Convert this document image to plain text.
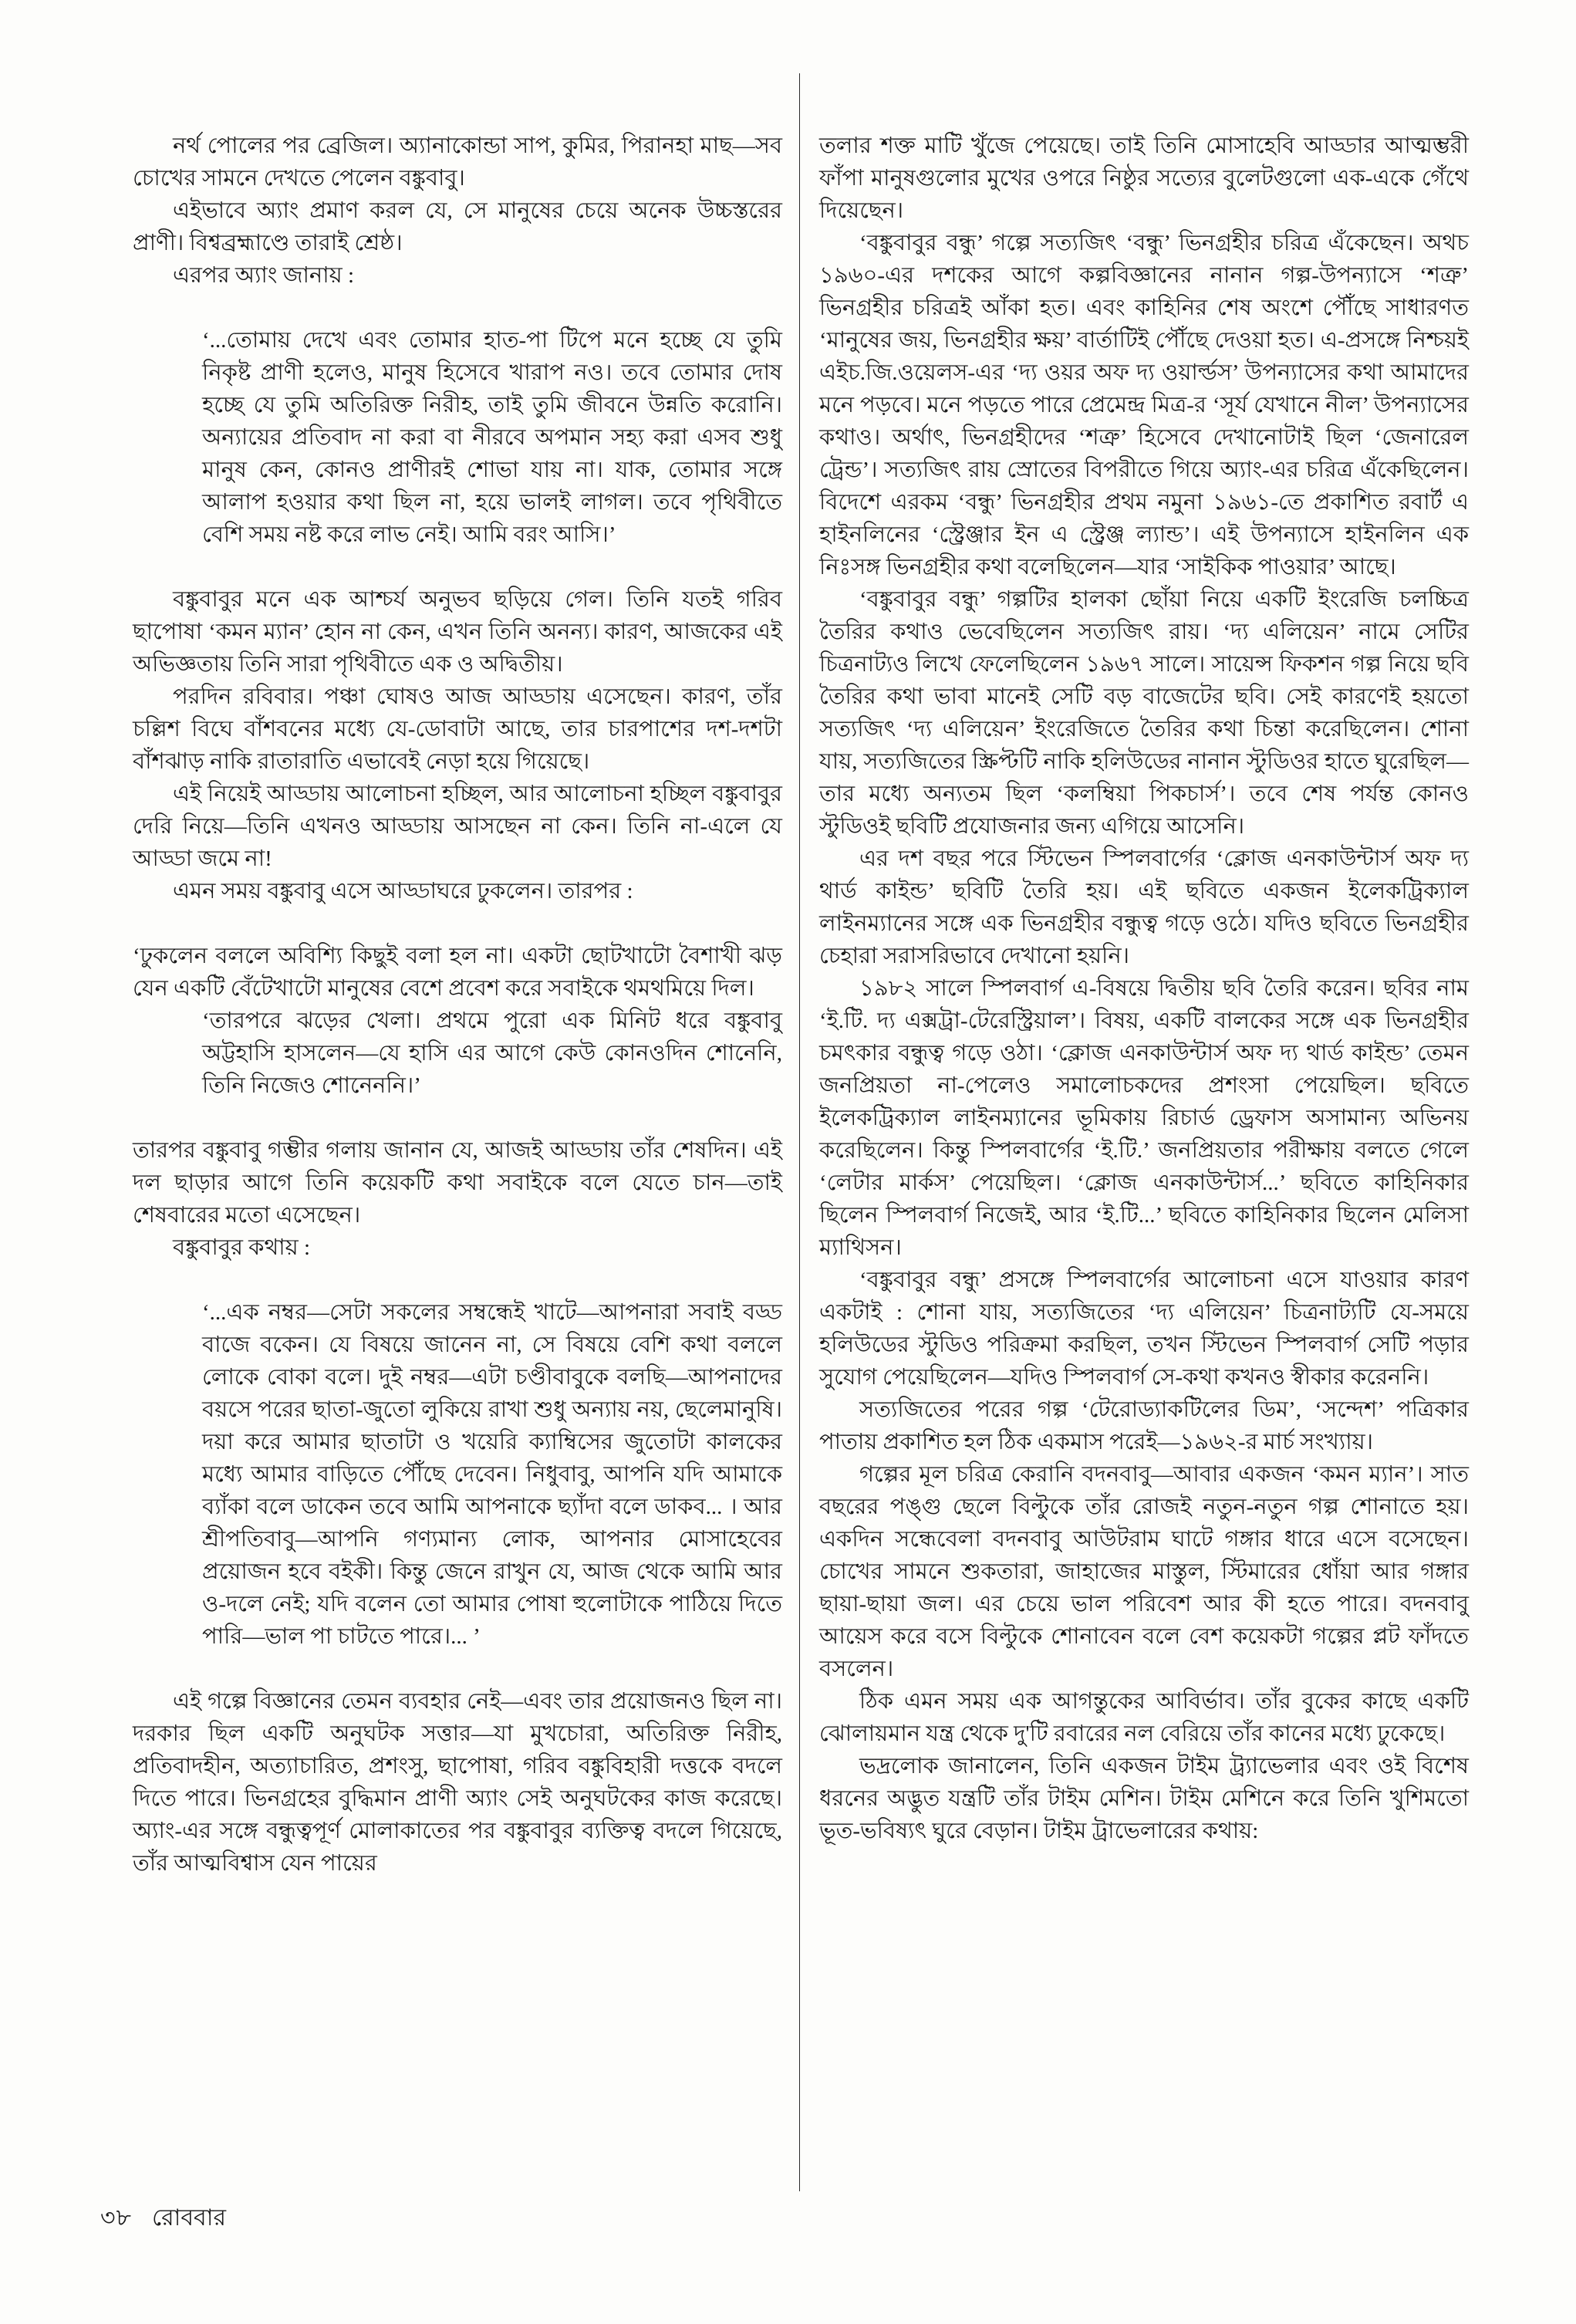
নর্থ পোলের পর ব্রেজিল। অ্যানাকোন্ডা সাপ, কুমির, পিরানহা মাছ—সব চোখের সামনে দেখতে পেলেন বঙ্কুবাবু।

এইভাবে অ্যাং প্রমাণ করল যে, সে মানুষের চেয়ে অনেক উচ্চস্তরের প্রাণী। বিশ্বব্রহ্মাণ্ডে তারাই শ্রেষ্ঠ।

এরপর অ্যাং জানায় :

‘...তোমায় দেখে এবং তোমার হাত-পা টিপে মনে হচ্ছে যে তুমি নিকৃষ্ট প্রাণী হলেও, মানুষ হিসেবে খারাপ নও। তবে তোমার দোষ হচ্ছে যে তুমি অতিরিক্ত নিরীহ, তাই তুমি জীবনে উন্নতি করোনি। অন্যায়ের প্রতিবাদ না করা বা নীরবে অপমান সহ্য করা এসব শুধু মানুষ কেন, কোনও প্রাণীরই শোভা যায় না। যাক, তোমার সঙ্গে আলাপ হওয়ার কথা ছিল না, হয়ে ভালই লাগল। তবে পৃথিবীতে বেশি সময় নষ্ট করে লাভ নেই। আমি বরং আসি।’

বঙ্কুবাবুর মনে এক আশ্চর্য অনুভব ছড়িয়ে গেল। তিনি যতই গরিব ছাপোষা ‘কমন ম্যান’ হোন না কেন, এখন তিনি অনন্য। কারণ, আজকের এই অভিজ্ঞতায় তিনি সারা পৃথিবীতে এক ও অদ্বিতীয়।

পরদিন রবিবার। পঞ্চা ঘোষও আজ আড্ডায় এসেছেন। কারণ, তাঁর চল্লিশ বিঘে বাঁশবনের মধ্যে যে-ডোবাটা আছে, তার চারপাশের দশ-দশটা বাঁশঝাড় নাকি রাতারাতি এভাবেই নেড়া হয়ে গিয়েছে।

এই নিয়েই আড্ডায় আলোচনা হচ্ছিল, আর আলোচনা হচ্ছিল বঙ্কুবাবুর দেরি নিয়ে—তিনি এখনও আড্ডায় আসছেন না কেন। তিনি না-এলে যে আড্ডা জমে না!

এমন সময় বঙ্কুবাবু এসে আড্ডাঘরে ঢুকলেন। তারপর :

‘ঢুকলেন বললে অবিশ্যি কিছুই বলা হল না। একটা ছোটখাটো বৈশাখী ঝড় যেন একটি বেঁটেখাটো মানুষের বেশে প্রবেশ করে সবাইকে থমথমিয়ে দিল।

‘তারপরে ঝড়ের খেলা। প্রথমে পুরো এক মিনিট ধরে বঙ্কুবাবু অট্টহাসি হাসলেন—যে হাসি এর আগে কেউ কোনওদিন শোনেনি, তিনি নিজেও শোনেননি।’

তারপর বঙ্কুবাবু গম্ভীর গলায় জানান যে, আজই আড্ডায় তাঁর শেষদিন। এই দল ছাড়ার আগে তিনি কয়েকটি কথা সবাইকে বলে যেতে চান—তাই শেষবারের মতো এসেছেন।

বঙ্কুবাবুর কথায় :

‘...এক নম্বর—সেটা সকলের সম্বন্ধেই খাটে—আপনারা সবাই বড্ড বাজে বকেন। যে বিষয়ে জানেন না, সে বিষয়ে বেশি কথা বললে লোকে বোকা বলে। দুই নম্বর—এটা চণ্ডীবাবুকে বলছি—আপনাদের বয়সে পরের ছাতা-জুতো লুকিয়ে রাখা শুধু অন্যায় নয়, ছেলেমানুষি। দয়া করে আমার ছাতাটা ও খয়েরি ক্যাম্বিসের জুতোটা কালকের মধ্যে আমার বাড়িতে পৌঁছে দেবেন। নিধুবাবু, আপনি যদি আমাকে ব্যাঁকা বলে ডাকেন তবে আমি আপনাকে ছ্যাঁদা বলে ডাকব... । আর শ্রীপতিবাবু—আপনি গণ্যমান্য লোক, আপনার মোসাহেবের প্রয়োজন হবে বইকী। কিন্তু জেনে রাখুন যে, আজ থেকে আমি আর ও-দলে নেই; যদি বলেন তো আমার পোষা হুলোটাকে পাঠিয়ে দিতে পারি—ভাল পা চাটতে পারে।... ’

এই গল্পে বিজ্ঞানের তেমন ব্যবহার নেই—এবং তার প্রয়োজনও ছিল না। দরকার ছিল একটি অনুঘটক সত্তার—যা মুখচোরা, অতিরিক্ত নিরীহ, প্রতিবাদহীন, অত্যাচারিত, প্রশংসু, ছাপোষা, গরিব বঙ্কুবিহারী দত্তকে বদলে দিতে পারে। ভিনগ্রহের বুদ্ধিমান প্রাণী অ্যাং সেই অনুঘটকের কাজ করেছে। অ্যাং-এর সঙ্গে বন্ধুত্বপূর্ণ মোলাকাতের পর বঙ্কুবাবুর ব্যক্তিত্ব বদলে গিয়েছে, তাঁর আত্মবিশ্বাস যেন পায়ের

তলার শক্ত মাটি খুঁজে পেয়েছে। তাই তিনি মোসাহেবি আড্ডার আত্মম্ভরী ফাঁপা মানুষগুলোর মুখের ওপরে নিষ্ঠুর সত্যের বুলেটগুলো এক-একে গেঁথে দিয়েছেন।

‘বঙ্কুবাবুর বন্ধু’ গল্পে সত্যজিৎ ‘বন্ধু’ ভিনগ্রহীর চরিত্র এঁকেছেন। অথচ ১৯৬০-এর দশকের আগে কল্পবিজ্ঞানের নানান গল্প-উপন্যাসে ‘শত্রু’ ভিনগ্রহীর চরিত্রই আঁকা হত। এবং কাহিনির শেষ অংশে পৌঁছে সাধারণত ‘মানুষের জয়, ভিনগ্রহীর ক্ষয়’ বার্তাটিই পৌঁছে দেওয়া হত। এ-প্রসঙ্গে নিশ্চয়ই এইচ.জি.ওয়েলস-এর ‘দ্য ওয়র অফ দ্য ওয়ার্ল্ডস’ উপন্যাসের কথা আমাদের মনে পড়বে। মনে পড়তে পারে প্রেমেন্দ্র মিত্র-র ‘সূর্য যেখানে নীল’ উপন্যাসের কথাও। অর্থাৎ, ভিনগ্রহীদের ‘শত্রু’ হিসেবে দেখানোটাই ছিল ‘জেনারেল ট্রেন্ড’। সত্যজিৎ রায় স্রোতের বিপরীতে গিয়ে অ্যাং-এর চরিত্র এঁকেছিলেন। বিদেশে এরকম ‘বন্ধু’ ভিনগ্রহীর প্রথম নমুনা ১৯৬১-তে প্রকাশিত রবার্ট এ হাইনলিনের ‘স্ট্রেঞ্জার ইন এ স্ট্রেঞ্জ ল্যান্ড’। এই উপন্যাসে হাইনলিন এক নিঃসঙ্গ ভিনগ্রহীর কথা বলেছিলেন—যার ‘সাইকিক পাওয়ার’ আছে।

‘বঙ্কুবাবুর বন্ধু’ গল্পটির হালকা ছোঁয়া নিয়ে একটি ইংরেজি চলচ্চিত্র তৈরির কথাও ভেবেছিলেন সত্যজিৎ রায়। ‘দ্য এলিয়েন’ নামে সেটির চিত্রনাট্যও লিখে ফেলেছিলেন ১৯৬৭ সালে। সায়েন্স ফিকশন গল্প নিয়ে ছবি তৈরির কথা ভাবা মানেই সেটি বড় বাজেটের ছবি। সেই কারণেই হয়তো সত্যজিৎ ‘দ্য এলিয়েন’ ইংরেজিতে তৈরির কথা চিন্তা করেছিলেন। শোনা যায়, সত্যজিতের স্ক্রিপ্টটি নাকি হলিউডের নানান স্টুডিওর হাতে ঘুরেছিল—তার মধ্যে অন্যতম ছিল ‘কলম্বিয়া পিকচার্স’। তবে শেষ পর্যন্ত কোনও স্টুডিওই ছবিটি প্রযোজনার জন্য এগিয়ে আসেনি।

এর দশ বছর পরে স্টিভেন স্পিলবার্গের ‘ক্লোজ এনকাউন্টার্স অফ দ্য থার্ড কাইন্ড’ ছবিটি তৈরি হয়। এই ছবিতে একজন ইলেকট্রিক্যাল লাইনম্যানের সঙ্গে এক ভিনগ্রহীর বন্ধুত্ব গড়ে ওঠে। যদিও ছবিতে ভিনগ্রহীর চেহারা সরাসরিভাবে দেখানো হয়নি।

১৯৮২ সালে স্পিলবার্গ এ-বিষয়ে দ্বিতীয় ছবি তৈরি করেন। ছবির নাম ‘ই.টি. দ্য এক্সট্রা-টেরেস্ট্রিয়াল’। বিষয়, একটি বালকের সঙ্গে এক ভিনগ্রহীর চমৎকার বন্ধুত্ব গড়ে ওঠা। ‘ক্লোজ এনকাউন্টার্স অফ দ্য থার্ড কাইন্ড’ তেমন জনপ্রিয়তা না-পেলেও সমালোচকদের প্রশংসা পেয়েছিল। ছবিতে ইলেকট্রিক্যাল লাইনম্যানের ভূমিকায় রিচার্ড ড্রেফাস অসামান্য অভিনয় করেছিলেন। কিন্তু স্পিলবার্গের ‘ই.টি.’ জনপ্রিয়তার পরীক্ষায় বলতে গেলে ‘লেটার মার্কস’ পেয়েছিল। ‘ক্লোজ এনকাউন্টার্স...’ ছবিতে কাহিনিকার ছিলেন স্পিলবার্গ নিজেই, আর ‘ই.টি...’ ছবিতে কাহিনিকার ছিলেন মেলিসা ম্যাথিসন।

‘বঙ্কুবাবুর বন্ধু’ প্রসঙ্গে স্পিলবার্গের আলোচনা এসে যাওয়ার কারণ একটাই : শোনা যায়, সত্যজিতের ‘দ্য এলিয়েন’ চিত্রনাট্যটি যে-সময়ে হলিউডের স্টুডিও পরিক্রমা করছিল, তখন স্টিভেন স্পিলবার্গ সেটি পড়ার সুযোগ পেয়েছিলেন—যদিও স্পিলবার্গ সে-কথা কখনও স্বীকার করেননি।

সত্যজিতের পরের গল্প ‘টেরোড্যাকটিলের ডিম’, ‘সন্দেশ’ পত্রিকার পাতায় প্রকাশিত হল ঠিক একমাস পরেই—১৯৬২-র মার্চ সংখ্যায়।

গল্পের মূল চরিত্র কেরানি বদনবাবু—আবার একজন ‘কমন ম্যান’। সাত বছরের পঙ্গু ছেলে বিল্টুকে তাঁর রোজই নতুন-নতুন গল্প শোনাতে হয়। একদিন সন্ধেবেলা বদনবাবু আউটরাম ঘাটে গঙ্গার ধারে এসে বসেছেন। চোখের সামনে শুকতারা, জাহাজের মাস্তুল, স্টিমারের ধোঁয়া আর গঙ্গার ছায়া-ছায়া জল। এর চেয়ে ভাল পরিবেশ আর কী হতে পারে। বদনবাবু আয়েস করে বসে বিল্টুকে শোনাবেন বলে বেশ কয়েকটা গল্পের প্লট ফাঁদতে বসলেন।

ঠিক এমন সময় এক আগন্তুকের আবির্ভাব। তাঁর বুকের কাছে একটি ঝোলায়মান যন্ত্র থেকে দু'টি রবারের নল বেরিয়ে তাঁর কানের মধ্যে ঢুকেছে।

ভদ্রলোক জানালেন, তিনি একজন টাইম ট্র্যাভেলার এবং ওই বিশেষ ধরনের অদ্ভুত যন্ত্রটি তাঁর টাইম মেশিন। টাইম মেশিনে করে তিনি খুশিমতো ভূত-ভবিষ্যৎ ঘুরে বেড়ান। টাইম ট্রাভেলারের কথায়:

৩৮ রোববার
